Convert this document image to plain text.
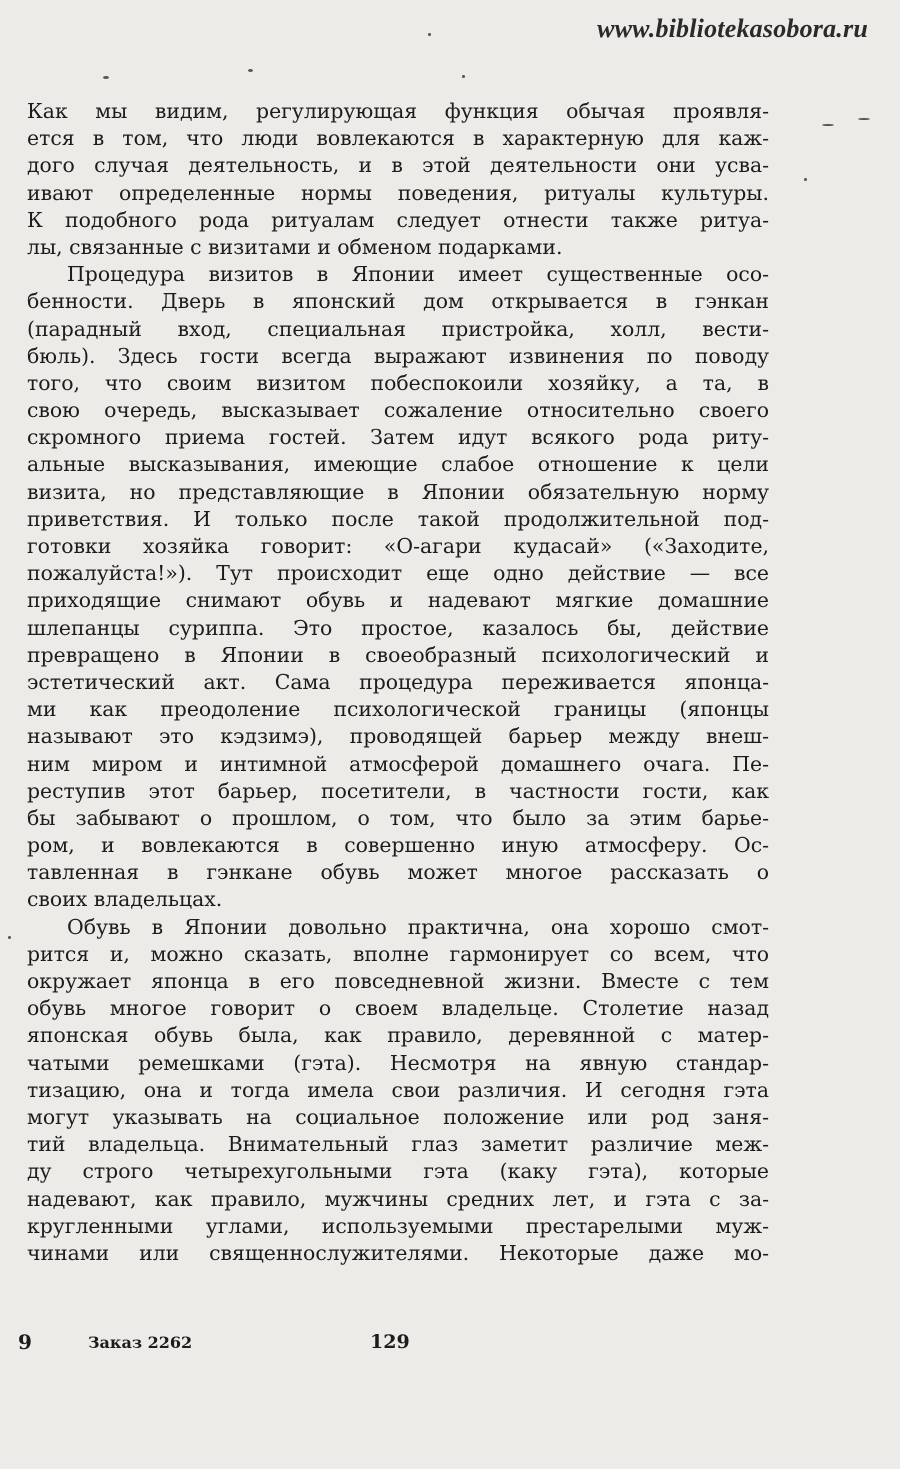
www.bibliotekasobora.ru
Как мы видим, регулирующая функция обычая проявля-
ется в том, что люди вовлекаются в характерную для каж-
дого случая деятельность, и в этой деятельности они усва-
ивают определенные нормы поведения, ритуалы культуры.
К подобного рода ритуалам следует отнести также ритуа-
лы, связанные с визитами и обменом подарками.
Процедура визитов в Японии имеет существенные осо-
бенности. Дверь в японский дом открывается в гэнкан
(парадный вход, специальная пристройка, холл, вести-
бюль). Здесь гости всегда выражают извинения по поводу
того, что своим визитом побеспокоили хозяйку, а та, в
свою очередь, высказывает сожаление относительно своего
скромного приема гостей. Затем идут всякого рода риту-
альные высказывания, имеющие слабое отношение к цели
визита, но представляющие в Японии обязательную норму
приветствия. И только после такой продолжительной под-
готовки хозяйка говорит: «О-агари кудасай» («Заходите,
пожалуйста!»). Тут происходит еще одно действие — все
приходящие снимают обувь и надевают мягкие домашние
шлепанцы суриппа. Это простое, казалось бы, действие
превращено в Японии в своеобразный психологический и
эстетический акт. Сама процедура переживается японца-
ми как преодоление психологической границы (японцы
называют это кэдзимэ), проводящей барьер между внеш-
ним миром и интимной атмосферой домашнего очага. Пе-
реступив этот барьер, посетители, в частности гости, как
бы забывают о прошлом, о том, что было за этим барье-
ром, и вовлекаются в совершенно иную атмосферу. Ос-
тавленная в гэнкане обувь может многое рассказать о
своих владельцах.
Обувь в Японии довольно практична, она хорошо смот-
рится и, можно сказать, вполне гармонирует со всем, что
окружает японца в его повседневной жизни. Вместе с тем
обувь многое говорит о своем владельце. Столетие назад
японская обувь была, как правило, деревянной с матер-
чатыми ремешками (гэта). Несмотря на явную стандар-
тизацию, она и тогда имела свои различия. И сегодня гэта
могут указывать на социальное положение или род заня-
тий владельца. Внимательный глаз заметит различие меж-
ду строго четырехугольными гэта (каку гэта), которые
надевают, как правило, мужчины средних лет, и гэта с за-
кругленными углами, используемыми престарелыми муж-
чинами или священнослужителями. Некоторые даже мо-
9	Заказ 2262	129
